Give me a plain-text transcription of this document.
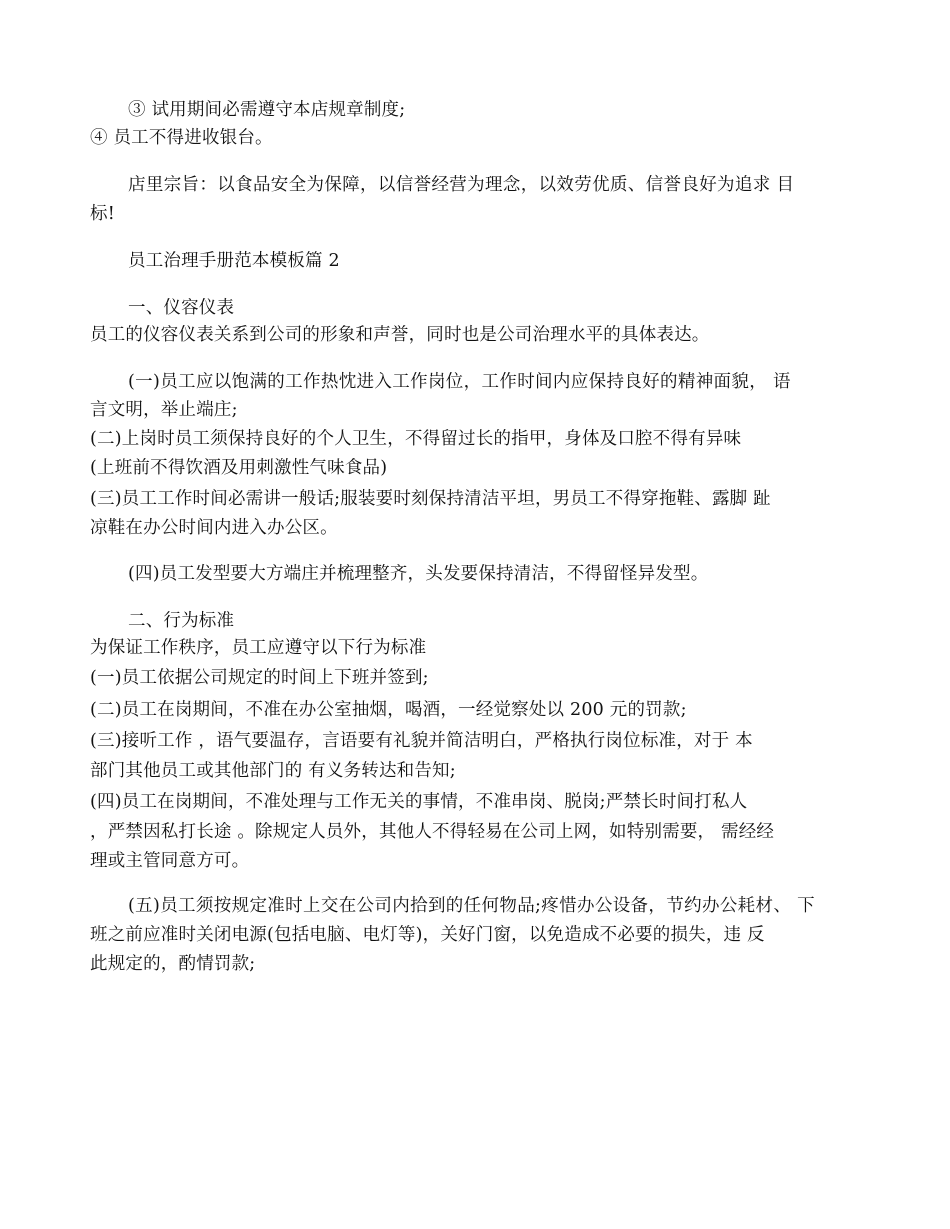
③ 试用期间必需遵守本店规章制度;
④ 员工不得进收银台。
店里宗旨：以食品安全为保障，以信誉经营为理念，以效劳优质、信誉良好为追求 目
标!
员工治理手册范本模板篇 2
一、仪容仪表
员工的仪容仪表关系到公司的形象和声誉，同时也是公司治理水平的具体表达。
(一)员工应以饱满的工作热忱进入工作岗位，工作时间内应保持良好的精神面貌， 语
言文明，举止端庄;
(二)上岗时员工须保持良好的个人卫生，不得留过长的指甲，身体及口腔不得有异味
(上班前不得饮酒及用刺激性气味食品)
(三)员工工作时间必需讲一般话;服装要时刻保持清洁平坦，男员工不得穿拖鞋、露脚 趾
凉鞋在办公时间内进入办公区。
(四)员工发型要大方端庄并梳理整齐，头发要保持清洁，不得留怪异发型。
二、行为标准
为保证工作秩序，员工应遵守以下行为标准
(一)员工依据公司规定的时间上下班并签到;
(二)员工在岗期间，不准在办公室抽烟，喝酒，一经觉察处以 200 元的罚款;
(三)接听工作 ，语气要温存，言语要有礼貌并简洁明白，严格执行岗位标准，对于 本
部门其他员工或其他部门的 有义务转达和告知;
(四)员工在岗期间，不准处理与工作无关的事情，不准串岗、脱岗;严禁长时间打私人
，严禁因私打长途 。除规定人员外，其他人不得轻易在公司上网，如特别需要， 需经经
理或主管同意方可。
(五)员工须按规定准时上交在公司内拾到的任何物品;疼惜办公设备，节约办公耗材、 下
班之前应准时关闭电源(包括电脑、电灯等)，关好门窗，以免造成不必要的损失，违 反
此规定的，酌情罚款;
